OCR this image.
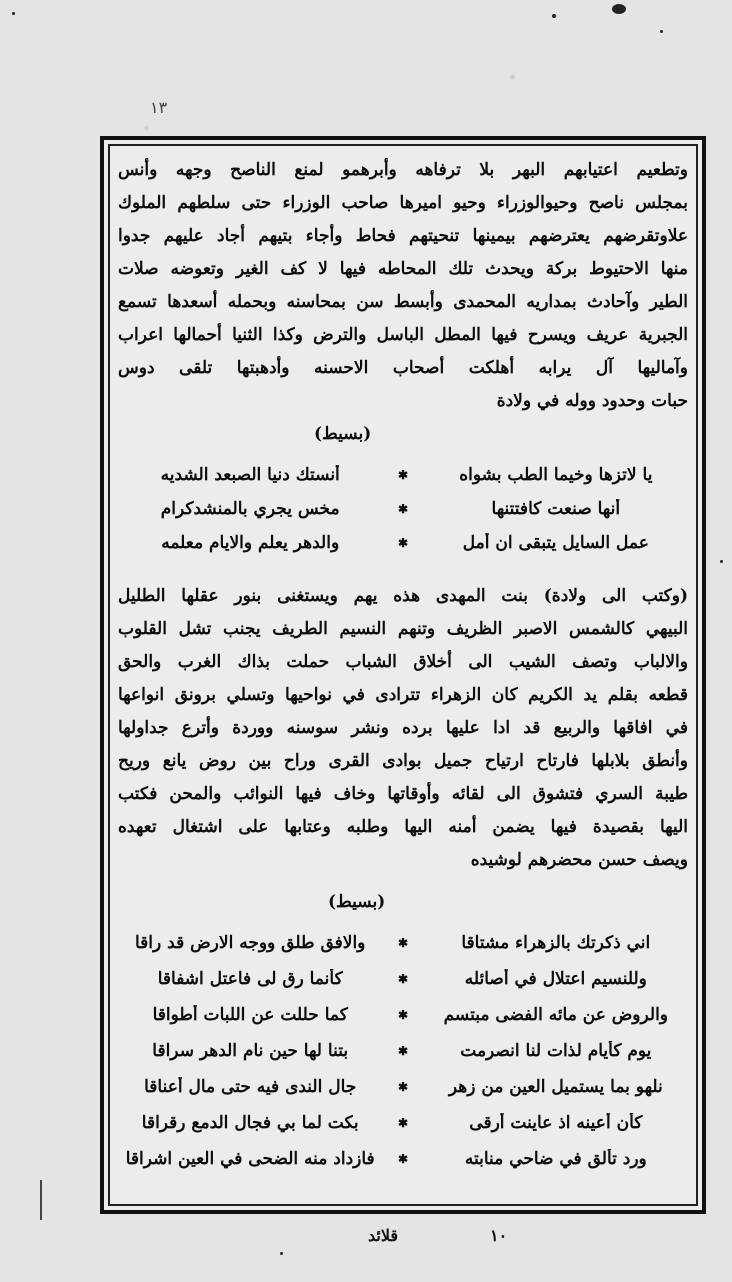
١٣
وتطعيم اعتيابهم البهر بلا ترفاهه وأبرهمو لمنع الناصح وجهه وأنس
بمجلس ناصح وحيوالوزراء وحيو اميرها صاحب الوزراء حتى سلطهم الملوك
علاوتقرضهم يعترضهم بيمينها تنحيتهم فحاط وأجاء بتيهم أجاد عليهم جدوا
منها الاحتيوط بركة ويحدث تلك المحاطه فيها لا كف الغير وتعوضه صلات
الطير وآحادث بمداريه المحمدى وأبسط سن بمحاسنه وبحمله أسعدها تسمع
الجبرية عريف ويسرح فيها المطل الباسل والترض وكذا الثنيا أحمالها اعراب
وآماليها آل يرابه أهلكت أصحاب الاحسنه وأدهبتها تلقى دوس
حبات وحدود ووله في ولادة
(بسيط)
يا لاتزها وخيما الطب بشواه
✱
أنستك دنيا الصبعد الشديه
أنها صنعت كافتتنها
✱
مخس يجري بالمنشدكرام
عمل السايل يتبقى ان أمل
✱
والدهر يعلم والايام معلمه
(وكتب الى ولادة) بنت المهدى هذه يهم ويستغنى بنور عقلها الطليل
البيهي كالشمس الاصبر الظريف وتنهم النسيم الطريف يجنب تشل القلوب
والالباب وتصف الشيب الى أخلاق الشباب حملت بذاك الغرب والحق
قطعه بقلم يد الكريم كان الزهراء تترادى في نواحيها وتسلي برونق انواعها
في افاقها والربيع قد ادا عليها برده ونشر سوسنه ووردة وأترع جداولها
وأنطق بلابلها فارتاح ارتياح جميل بوادى القرى وراح بين روض يانع وريح
طيبة السري فتشوق الى لقائه وأوقاتها وخاف فيها النوائب والمحن فكتب
اليها بقصيدة فيها يضمن أمنه اليها وطلبه وعتابها على اشتغال تعهده
ويصف حسن محضرهم لوشيده
(بسيط)
اني ذكرتك بالزهراء مشتاقا
✱
والافق طلق ووجه الارض قد راقا
وللنسيم اعتلال في أصائله
✱
كأنما رق لى فاعتل اشفاقا
والروض عن مائه الفضى مبتسم
✱
كما حللت عن اللبات أطواقا
يوم كأيام لذات لنا انصرمت
✱
بتنا لها حين نام الدهر سراقا
نلهو بما يستميل العين من زهر
✱
جال الندى فيه حتى مال أعناقا
كأن أعينه اذ عاينت أرقى
✱
بكت لما بي فجال الدمع رقراقا
ورد تألق في ضاحي منابته
✱
فازداد منه الضحى في العين اشراقا
قلائد	١٠
